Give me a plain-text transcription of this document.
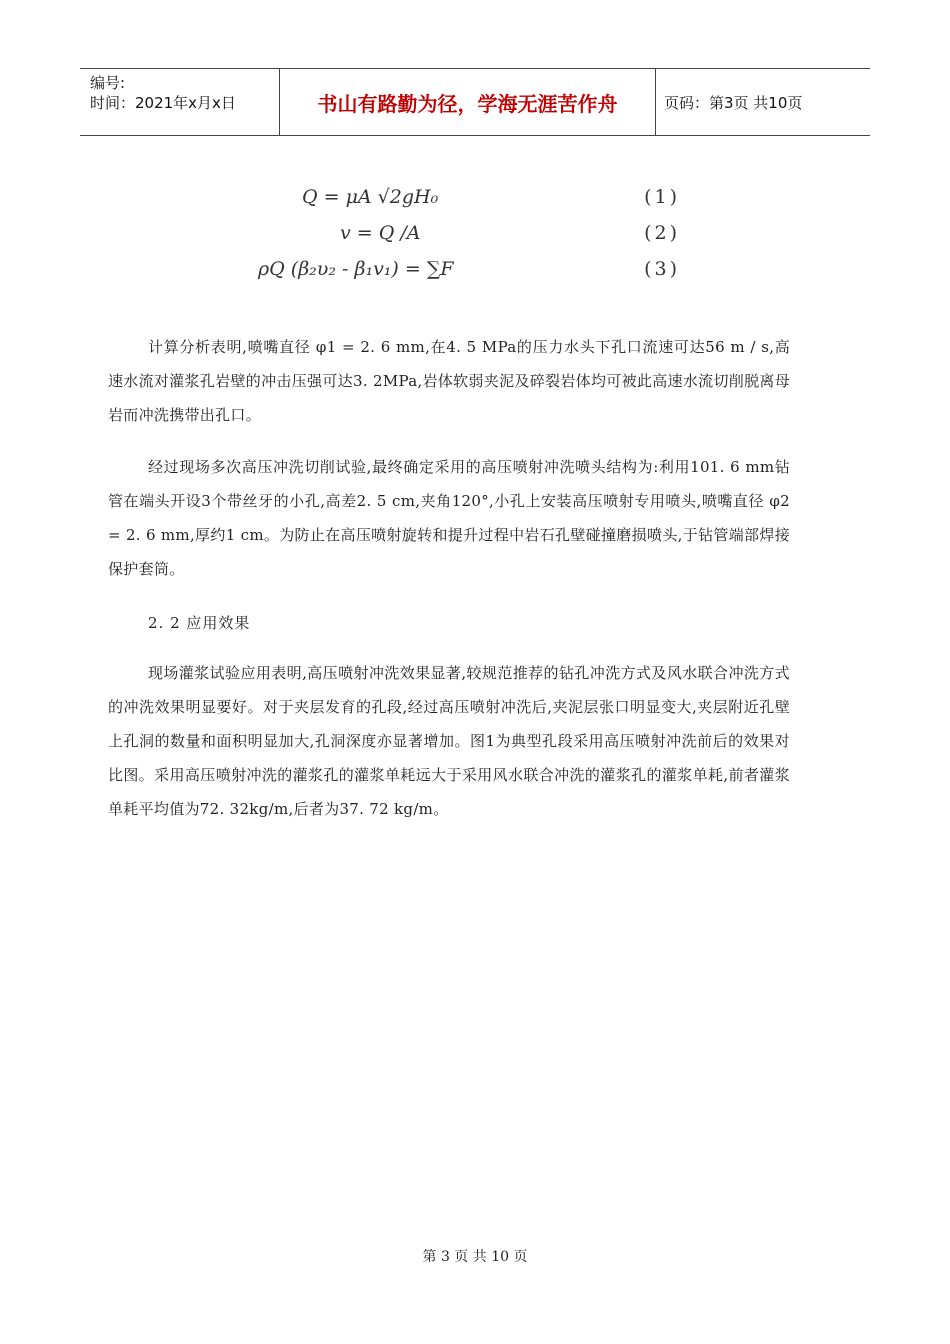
编号:
时间：2021年x月x日	书山有路勤为径，学海无涯苦作舟	页码：第3页 共10页
Q = μA √2gH₀	(1)
v = Q /A	(2)
ρQ (β₂υ₂ - β₁v₁) = ∑F	(3)

计算分析表明,喷嘴直径 φ1 = 2. 6 mm,在4. 5 MPa的压力水头下孔口流速可达56 m / s,高速水流对灌浆孔岩壁的冲击压强可达3. 2MPa,岩体软弱夹泥及碎裂岩体均可被此高速水流切削脱离母岩而冲洗携带出孔口。

经过现场多次高压冲洗切削试验,最终确定采用的高压喷射冲洗喷头结构为:利用101. 6 mm钻管在端头开设3个带丝牙的小孔,高差2. 5 cm,夹角120°,小孔上安装高压喷射专用喷头,喷嘴直径 φ2 = 2. 6 mm,厚约1 cm。为防止在高压喷射旋转和提升过程中岩石孔壁碰撞磨损喷头,于钻管端部焊接保护套筒。

2. 2 应用效果

现场灌浆试验应用表明,高压喷射冲洗效果显著,较规范推荐的钻孔冲洗方式及风水联合冲洗方式的冲洗效果明显要好。对于夹层发育的孔段,经过高压喷射冲洗后,夹泥层张口明显变大,夹层附近孔壁上孔洞的数量和面积明显加大,孔洞深度亦显著增加。图1为典型孔段采用高压喷射冲洗前后的效果对比图。采用高压喷射冲洗的灌浆孔的灌浆单耗远大于采用风水联合冲洗的灌浆孔的灌浆单耗,前者灌浆单耗平均值为72. 32kg/m,后者为37. 72 kg/m。

第 3 页 共 10 页
